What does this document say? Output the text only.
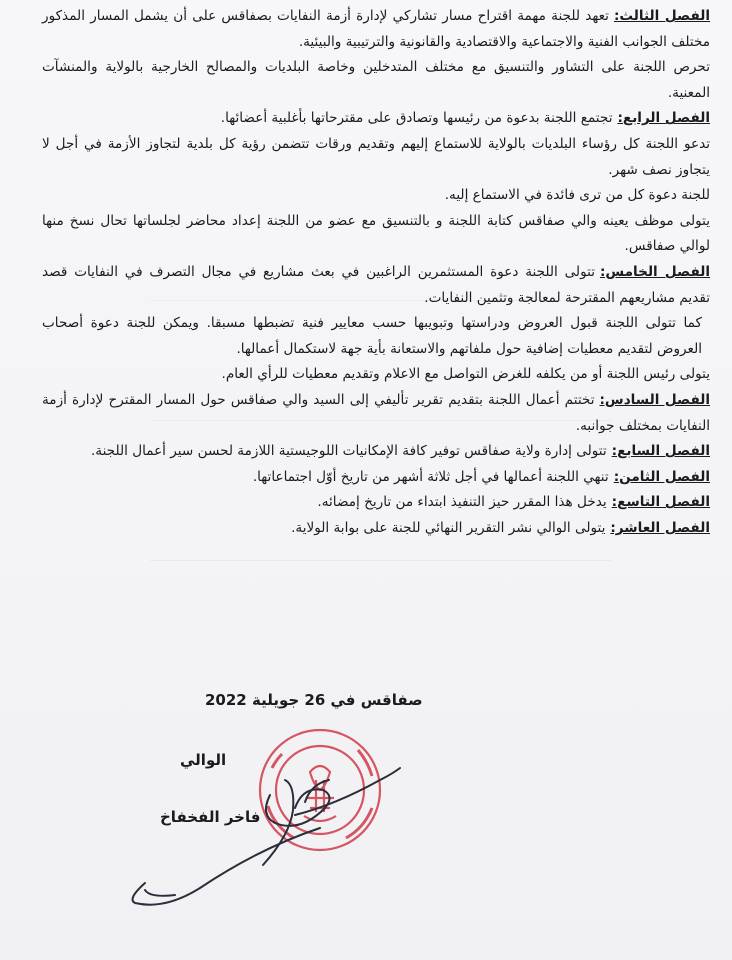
الفصل الثالث:تعهد للجنة مهمة اقتراح مسار تشاركي لإدارة أزمة النفايات بصفاقس على أن يشمل المسار المذكور مختلف الجوانب الفنية والاجتماعية والاقتصادية والقانونية والترتيبية والبيئية.

تحرص اللجنة على التشاور والتنسيق مع مختلف المتدخلين وخاصة البلديات والمصالح الخارجية بالولاية والمنشآت المعنية.

الفصل الرابع:تجتمع اللجنة بدعوة من رئيسها وتصادق على مقترحاتها بأغلبية أعضائها.

تدعو اللجنة كل رؤساء البلديات بالولاية للاستماع إليهم وتقديم ورقات تتضمن رؤية كل بلدية لتجاوز الأزمة في أجل لا يتجاوز نصف شهر.

للجنة دعوة كل من ترى فائدة في الاستماع إليه.

يتولى موظف يعينه والي صفاقس كتابة اللجنة و بالتنسيق مع عضو من اللجنة إعداد محاضر لجلساتها تحال نسخ منها لوالي صفاقس.

الفصل الخامس:تتولى اللجنة دعوة المستثمرين الراغبين في بعث مشاريع في مجال التصرف في النفايات قصد تقديم مشاريعهم المقترحة لمعالجة وتثمين النفايات.

كما تتولى اللجنة قبول العروض ودراستها وتبويبها حسب معايير فنية تضبطها مسبقا. ويمكن للجنة دعوة أصحاب العروض لتقديم معطيات إضافية حول ملفاتهم والاستعانة بأية جهة لاستكمال أعمالها.

يتولى رئيس اللجنة أو من يكلفه للغرض التواصل مع الاعلام وتقديم معطيات للرأي العام.

الفصل السادس:تختتم أعمال اللجنة بتقديم تقرير تأليفي إلى السيد والي صفاقس حول المسار المقترح لإدارة أزمة النفايات بمختلف جوانبه.

الفصل السابع:تتولى إدارة ولاية صفاقس توفير كافة الإمكانيات اللوجيستية اللازمة لحسن سير أعمال اللجنة.

الفصل الثامن:تنهي اللجنة أعمالها في أجل ثلاثة أشهر من تاريخ أوّل اجتماعاتها.

الفصل التاسع:يدخل هذا المقرر حيز التنفيذ ابتداء من تاريخ إمضائه.

الفصل العاشر:يتولى الوالي نشر التقرير النهائي للجنة على بوابة الولاية.

صفاقس في 26 جويلية 2022
الوالي
فاخر الفخفاخ
